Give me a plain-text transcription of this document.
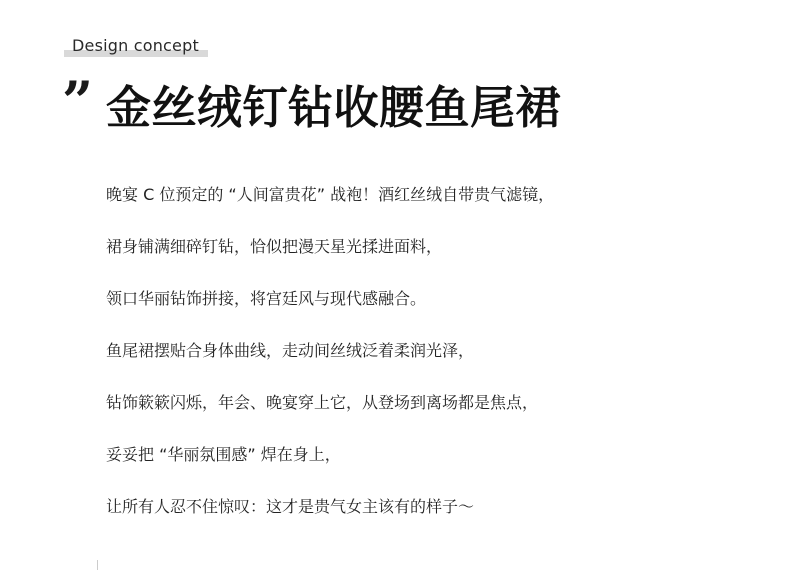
Design concept
” 金丝绒钉钻收腰鱼尾裙
晚宴 C 位预定的 “人间富贵花” 战袍！酒红丝绒自带贵气滤镜，
裙身铺满细碎钉钻，恰似把漫天星光揉进面料，
领口华丽钻饰拼接，将宫廷风与现代感融合。
鱼尾裙摆贴合身体曲线，走动间丝绒泛着柔润光泽，
钻饰簌簌闪烁，年会、晚宴穿上它，从登场到离场都是焦点，
妥妥把 “华丽氛围感” 焊在身上，
让所有人忍不住惊叹：这才是贵气女主该有的样子～
